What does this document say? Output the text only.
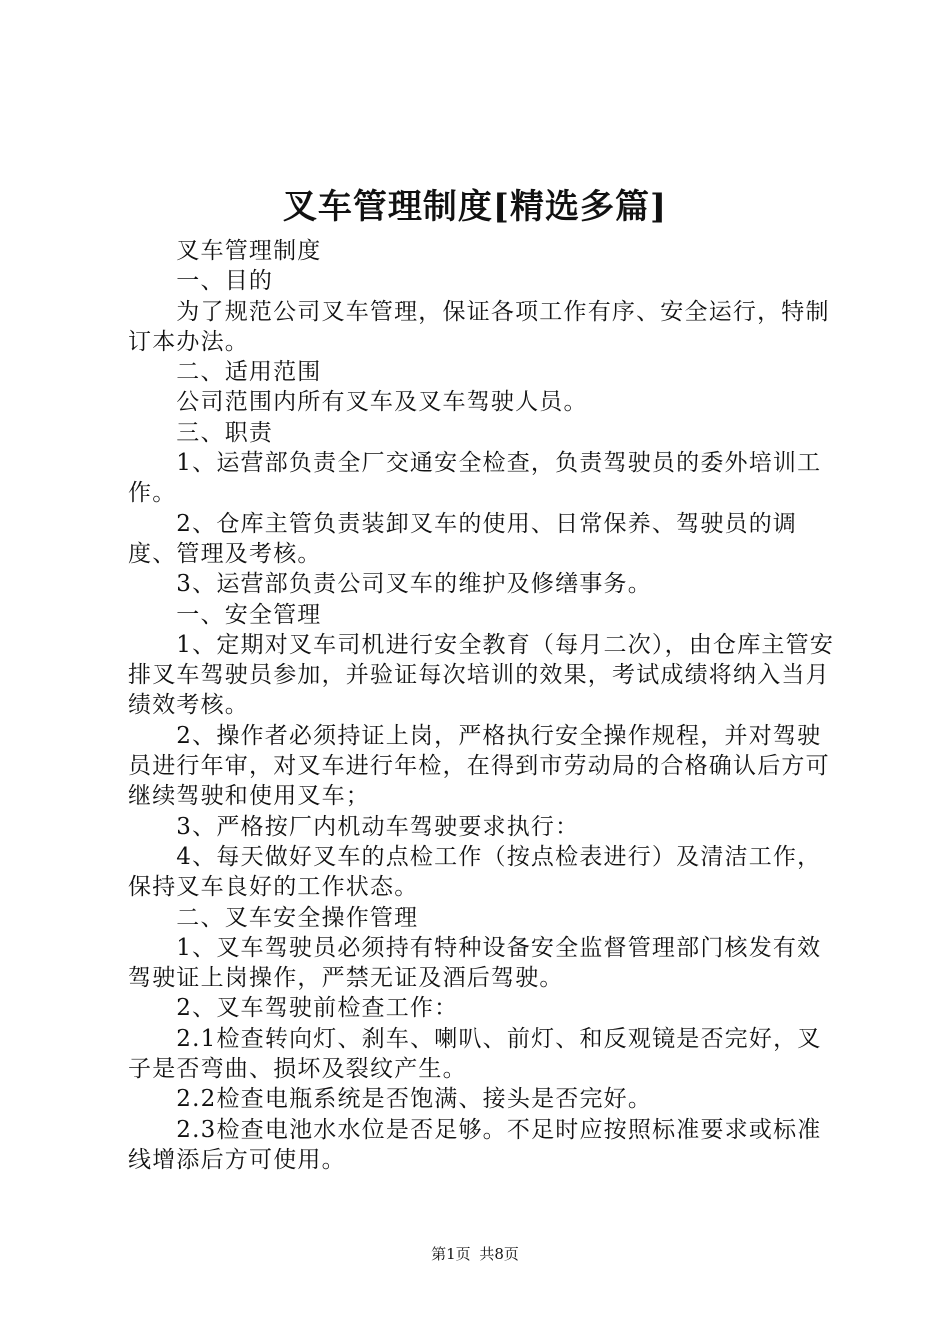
叉车管理制度[精选多篇]

叉车管理制度

一、目的

为了规范公司叉车管理，保证各项工作有序、安全运行，特制订本办法。

二、适用范围

公司范围内所有叉车及叉车驾驶人员。

三、职责

1、运营部负责全厂交通安全检查，负责驾驶员的委外培训工作。

2、仓库主管负责装卸叉车的使用、日常保养、驾驶员的调度、管理及考核。

3、运营部负责公司叉车的维护及修缮事务。

一、安全管理

1、定期对叉车司机进行安全教育（每月二次），由仓库主管安排叉车驾驶员参加，并验证每次培训的效果，考试成绩将纳入当月绩效考核。

2、操作者必须持证上岗，严格执行安全操作规程，并对驾驶员进行年审，对叉车进行年检，在得到市劳动局的合格确认后方可继续驾驶和使用叉车；

3、严格按厂内机动车驾驶要求执行：

4、每天做好叉车的点检工作（按点检表进行）及清洁工作，保持叉车良好的工作状态。

二、叉车安全操作管理

1、叉车驾驶员必须持有特种设备安全监督管理部门核发有效驾驶证上岗操作，严禁无证及酒后驾驶。

2、叉车驾驶前检查工作：

2.1检查转向灯、刹车、喇叭、前灯、和反观镜是否完好，叉子是否弯曲、损坏及裂纹产生。

2.2检查电瓶系统是否饱满、接头是否完好。

2.3检查电池水水位是否足够。不足时应按照标准要求或标准线增添后方可使用。

第1页 共8页
